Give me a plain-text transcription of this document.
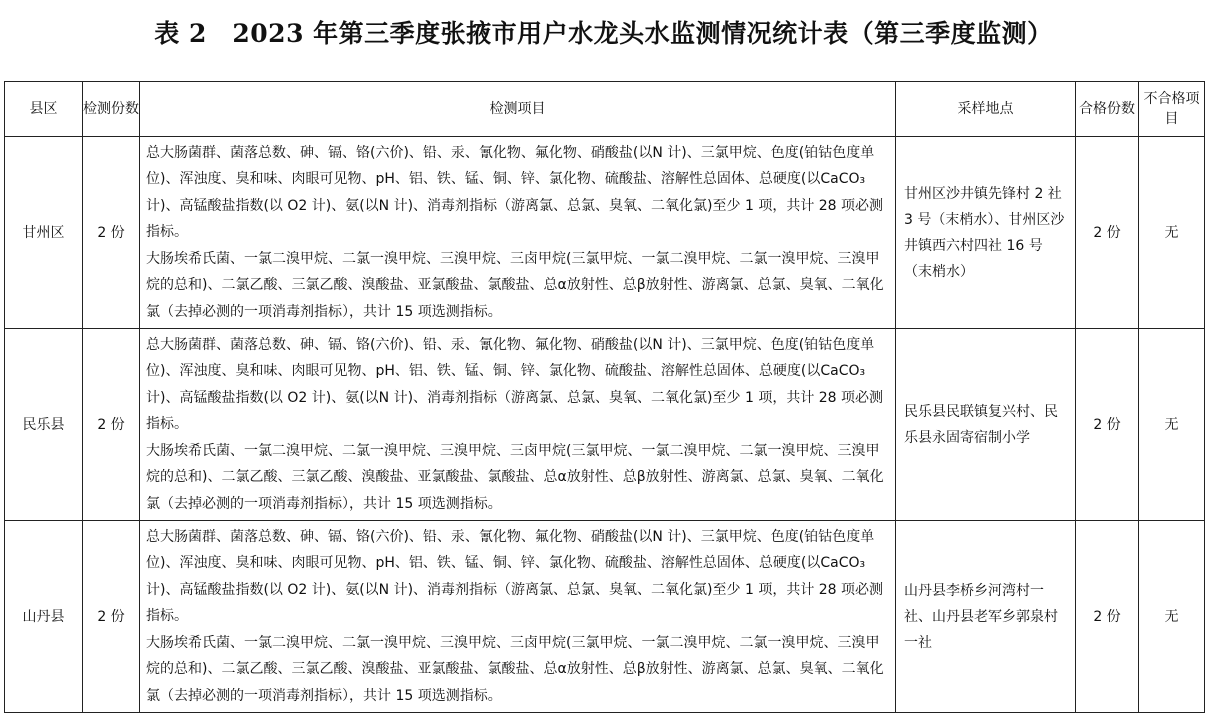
表 2　2023 年第三季度张掖市用户水龙头水监测情况统计表（第三季度监测）
县区	检测份数	检测项目	采样地点	合格份数	不合格项目
甘州区	2 份	总大肠菌群、菌落总数、砷、镉、铬(六价)、铅、汞、氰化物、氟化物、硝酸盐(以N 计)、三氯甲烷、色度(铂钴色度单位)、浑浊度、臭和味、肉眼可见物、pH、铝、铁、锰、铜、锌、氯化物、硫酸盐、溶解性总固体、总硬度(以CaCO₃ 计)、高锰酸盐指数(以 O2 计)、氨(以N 计)、消毒剂指标（游离氯、总氯、臭氧、二氧化氯)至少 1 项，共计 28 项必测指标。

大肠埃希氏菌、一氯二溴甲烷、二氯一溴甲烷、三溴甲烷、三卤甲烷(三氯甲烷、一氯二溴甲烷、二氯一溴甲烷、三溴甲烷的总和)、二氯乙酸、三氯乙酸、溴酸盐、亚氯酸盐、氯酸盐、总α放射性、总β放射性、游离氯、总氯、臭氧、二氧化氯（去掉必测的一项消毒剂指标），共计 15 项选测指标。	甘州区沙井镇先锋村 2 社 3 号（末梢水）、甘州区沙井镇西六村四社 16 号（末梢水）	2 份	无
民乐县	2 份	总大肠菌群、菌落总数、砷、镉、铬(六价)、铅、汞、氰化物、氟化物、硝酸盐(以N 计)、三氯甲烷、色度(铂钴色度单位)、浑浊度、臭和味、肉眼可见物、pH、铝、铁、锰、铜、锌、氯化物、硫酸盐、溶解性总固体、总硬度(以CaCO₃ 计)、高锰酸盐指数(以 O2 计)、氨(以N 计)、消毒剂指标（游离氯、总氯、臭氧、二氧化氯)至少 1 项，共计 28 项必测指标。

大肠埃希氏菌、一氯二溴甲烷、二氯一溴甲烷、三溴甲烷、三卤甲烷(三氯甲烷、一氯二溴甲烷、二氯一溴甲烷、三溴甲烷的总和)、二氯乙酸、三氯乙酸、溴酸盐、亚氯酸盐、氯酸盐、总α放射性、总β放射性、游离氯、总氯、臭氧、二氧化氯（去掉必测的一项消毒剂指标），共计 15 项选测指标。	民乐县民联镇复兴村、民乐县永固寄宿制小学	2 份	无
山丹县	2 份	总大肠菌群、菌落总数、砷、镉、铬(六价)、铅、汞、氰化物、氟化物、硝酸盐(以N 计)、三氯甲烷、色度(铂钴色度单位)、浑浊度、臭和味、肉眼可见物、pH、铝、铁、锰、铜、锌、氯化物、硫酸盐、溶解性总固体、总硬度(以CaCO₃ 计)、高锰酸盐指数(以 O2 计)、氨(以N 计)、消毒剂指标（游离氯、总氯、臭氧、二氧化氯)至少 1 项，共计 28 项必测指标。

大肠埃希氏菌、一氯二溴甲烷、二氯一溴甲烷、三溴甲烷、三卤甲烷(三氯甲烷、一氯二溴甲烷、二氯一溴甲烷、三溴甲烷的总和)、二氯乙酸、三氯乙酸、溴酸盐、亚氯酸盐、氯酸盐、总α放射性、总β放射性、游离氯、总氯、臭氧、二氧化氯（去掉必测的一项消毒剂指标），共计 15 项选测指标。	山丹县李桥乡河湾村一社、山丹县老军乡郭泉村一社	2 份	无
